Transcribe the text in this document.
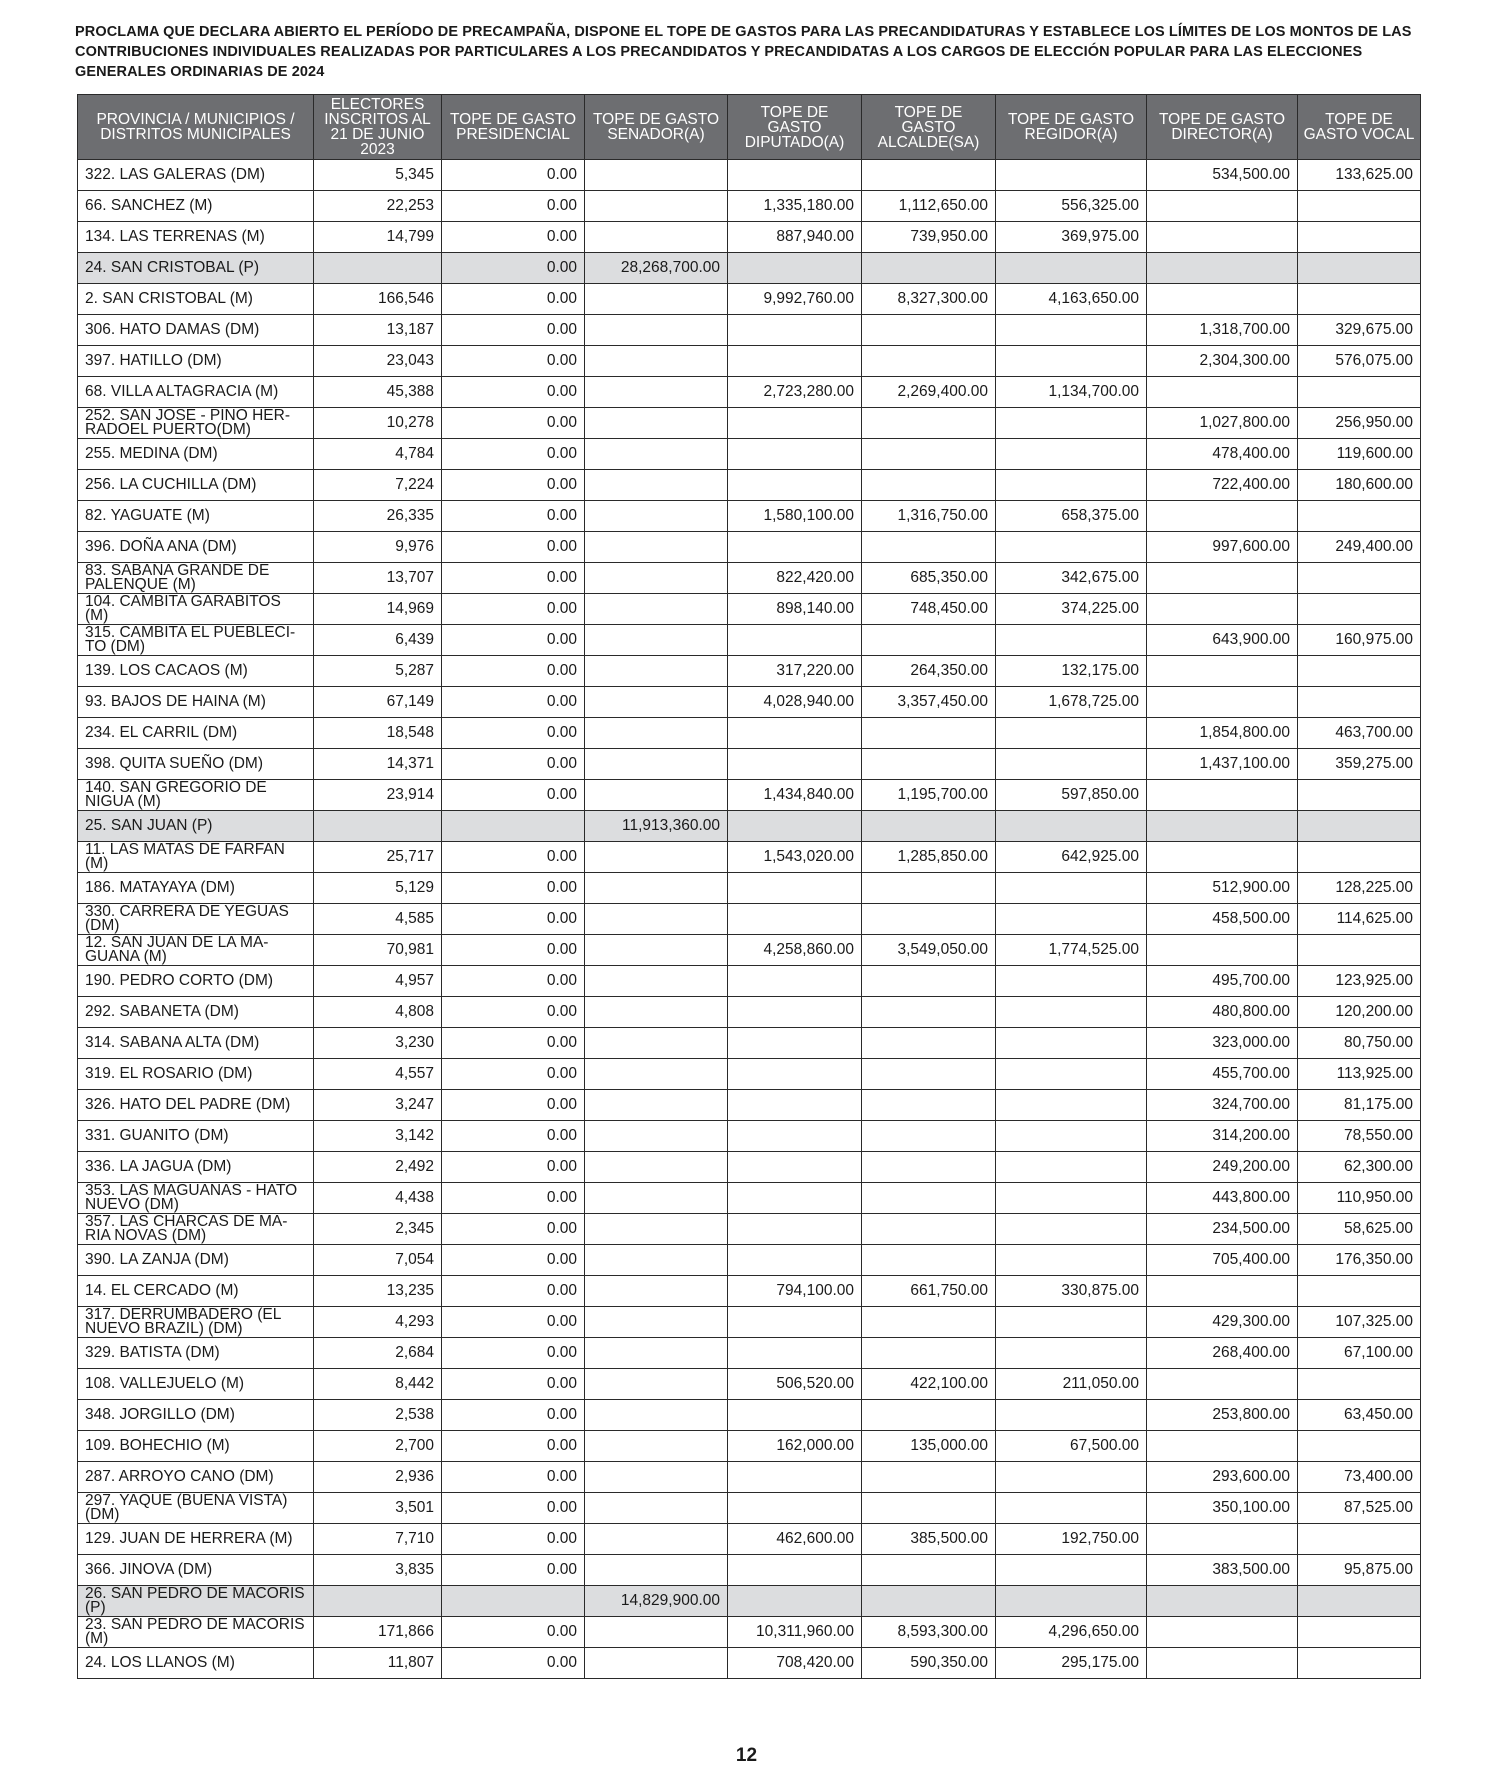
PROCLAMA QUE DECLARA ABIERTO EL PERÍODO DE PRECAMPAÑA, DISPONE EL TOPE DE GASTOS PARA LAS PRECANDIDATURAS Y ESTABLECE LOS LÍMITES DE LOS MONTOS DE LAS CONTRIBUCIONES INDIVIDUALES REALIZADAS POR PARTICULARES A LOS PRECANDIDATOS Y PRECANDIDATAS A LOS CARGOS DE ELECCIÓN POPULAR PARA LAS ELECCIONES GENERALES ORDINARIAS DE 2024
PROVINCIA / MUNICIPIOS / DISTRITOS MUNICIPALES	ELECTORES INSCRITOS AL 21 DE JUNIO 2023	TOPE DE GASTO PRESIDENCIAL	TOPE DE GASTO SENADOR(A)	TOPE DE GASTO DIPUTADO(A)	TOPE DE GASTO ALCALDE(SA)	TOPE DE GASTO REGIDOR(A)	TOPE DE GASTO DIRECTOR(A)	TOPE DE GASTO VOCAL
322. LAS GALERAS (DM)	5,345	0.00					534,500.00	133,625.00
66. SANCHEZ (M)	22,253	0.00		1,335,180.00	1,112,650.00	556,325.00		
134. LAS TERRENAS (M)	14,799	0.00		887,940.00	739,950.00	369,975.00		
24. SAN CRISTOBAL (P)		0.00	28,268,700.00					
2. SAN CRISTOBAL (M)	166,546	0.00		9,992,760.00	8,327,300.00	4,163,650.00		
306. HATO DAMAS (DM)	13,187	0.00					1,318,700.00	329,675.00
397. HATILLO (DM)	23,043	0.00					2,304,300.00	576,075.00
68. VILLA ALTAGRACIA (M)	45,388	0.00		2,723,280.00	2,269,400.00	1,134,700.00		
252. SAN JOSE - PINO HER-RADOEL PUERTO(DM)	10,278	0.00					1,027,800.00	256,950.00
255. MEDINA (DM)	4,784	0.00					478,400.00	119,600.00
256. LA CUCHILLA (DM)	7,224	0.00					722,400.00	180,600.00
82. YAGUATE (M)	26,335	0.00		1,580,100.00	1,316,750.00	658,375.00		
396. DOÑA ANA (DM)	9,976	0.00					997,600.00	249,400.00
83. SABANA GRANDE DE PALENQUE (M)	13,707	0.00		822,420.00	685,350.00	342,675.00		
104. CAMBITA GARABITOS (M)	14,969	0.00		898,140.00	748,450.00	374,225.00		
315. CAMBITA EL PUEBLECI-TO (DM)	6,439	0.00					643,900.00	160,975.00
139. LOS CACAOS (M)	5,287	0.00		317,220.00	264,350.00	132,175.00		
93. BAJOS DE HAINA (M)	67,149	0.00		4,028,940.00	3,357,450.00	1,678,725.00		
234. EL CARRIL (DM)	18,548	0.00					1,854,800.00	463,700.00
398. QUITA SUEÑO (DM)	14,371	0.00					1,437,100.00	359,275.00
140. SAN GREGORIO DE NIGUA (M)	23,914	0.00		1,434,840.00	1,195,700.00	597,850.00		
25. SAN JUAN (P)			11,913,360.00					
11. LAS MATAS DE FARFAN (M)	25,717	0.00		1,543,020.00	1,285,850.00	642,925.00		
186. MATAYAYA (DM)	5,129	0.00					512,900.00	128,225.00
330. CARRERA DE YEGUAS (DM)	4,585	0.00					458,500.00	114,625.00
12. SAN JUAN DE LA MA-GUANA (M)	70,981	0.00		4,258,860.00	3,549,050.00	1,774,525.00		
190. PEDRO CORTO (DM)	4,957	0.00					495,700.00	123,925.00
292. SABANETA (DM)	4,808	0.00					480,800.00	120,200.00
314. SABANA ALTA (DM)	3,230	0.00					323,000.00	80,750.00
319. EL ROSARIO (DM)	4,557	0.00					455,700.00	113,925.00
326. HATO DEL PADRE (DM)	3,247	0.00					324,700.00	81,175.00
331. GUANITO (DM)	3,142	0.00					314,200.00	78,550.00
336. LA JAGUA (DM)	2,492	0.00					249,200.00	62,300.00
353. LAS MAGUANAS - HATO NUEVO (DM)	4,438	0.00					443,800.00	110,950.00
357. LAS CHARCAS DE MA-RIA NOVAS (DM)	2,345	0.00					234,500.00	58,625.00
390. LA ZANJA (DM)	7,054	0.00					705,400.00	176,350.00
14. EL CERCADO (M)	13,235	0.00		794,100.00	661,750.00	330,875.00		
317. DERRUMBADERO (EL NUEVO BRAZIL) (DM)	4,293	0.00					429,300.00	107,325.00
329. BATISTA (DM)	2,684	0.00					268,400.00	67,100.00
108. VALLEJUELO (M)	8,442	0.00		506,520.00	422,100.00	211,050.00		
348. JORGILLO (DM)	2,538	0.00					253,800.00	63,450.00
109. BOHECHIO (M)	2,700	0.00		162,000.00	135,000.00	67,500.00		
287. ARROYO CANO (DM)	2,936	0.00					293,600.00	73,400.00
297. YAQUE (BUENA VISTA) (DM)	3,501	0.00					350,100.00	87,525.00
129. JUAN DE HERRERA (M)	7,710	0.00		462,600.00	385,500.00	192,750.00		
366. JINOVA (DM)	3,835	0.00					383,500.00	95,875.00
26. SAN PEDRO DE MACORIS (P)			14,829,900.00					
23. SAN PEDRO DE MACORIS (M)	171,866	0.00		10,311,960.00	8,593,300.00	4,296,650.00		
24. LOS LLANOS (M)	11,807	0.00		708,420.00	590,350.00	295,175.00		
12
